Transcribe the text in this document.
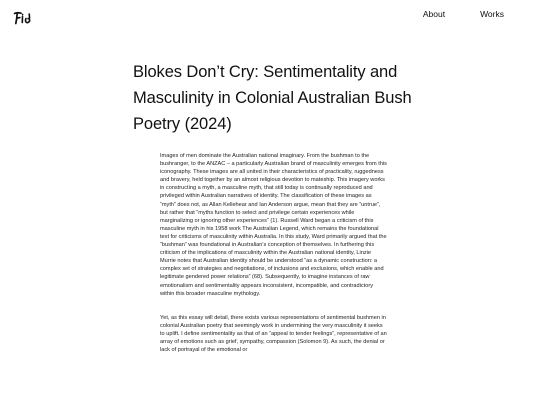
About	Works
Blokes Don’t Cry: Sentimentality and Masculinity in Colonial Australian Bush Poetry (2024)

Images of men dominate the Australian national imaginary. From the bushman to the bushranger, to the ANZAC – a particularly Australian brand of masculinity emerges from this iconography. These images are all united in their characteristics of practicality, ruggedness and bravery, held together by an almost religious devotion to mateship. This imagery works in constructing a myth, a masculine myth, that still today is continually reproduced and privileged within Australian narratives of identity. The classification of these images as “myth” does not, as Allan Kellehear and Ian Anderson argue, mean that they are “untrue”, but rather that “myths function to select and privilege certain experiences while marginalizing or ignoring other experiences” (1). Russell Ward began a criticism of this masculine myth in his 1958 work The Australian Legend, which remains the foundational text for criticisms of masculinity within Australia. In this study, Ward primarily argued that the “bushman” was foundational in Australian’s conception of themselves. In furthering this criticism of the implications of masculinity within the Australian national identity, Linzie Murrie notes that Australian identity should be understood “as a dynamic construction: a complex set of strategies and negotiations, of inclusions and exclusions, which enable and legitimate gendered power relations” (68). Subsequently, to imagine instances of raw emotionalism and sentimentality appears inconsistent, incompatible, and contradictory within this broader masculine mythology.

Yet, as this essay will detail, there exists various representations of sentimental bushmen in colonial Australian poetry that seemingly work in undermining the very masculinity it seeks to uplift. I define sentimentality as that of an “appeal to tender feelings”, representative of an array of emotions such as grief, sympathy, compassion (Solomon 9). As such, the denial or lack of portrayal of the emotional or
